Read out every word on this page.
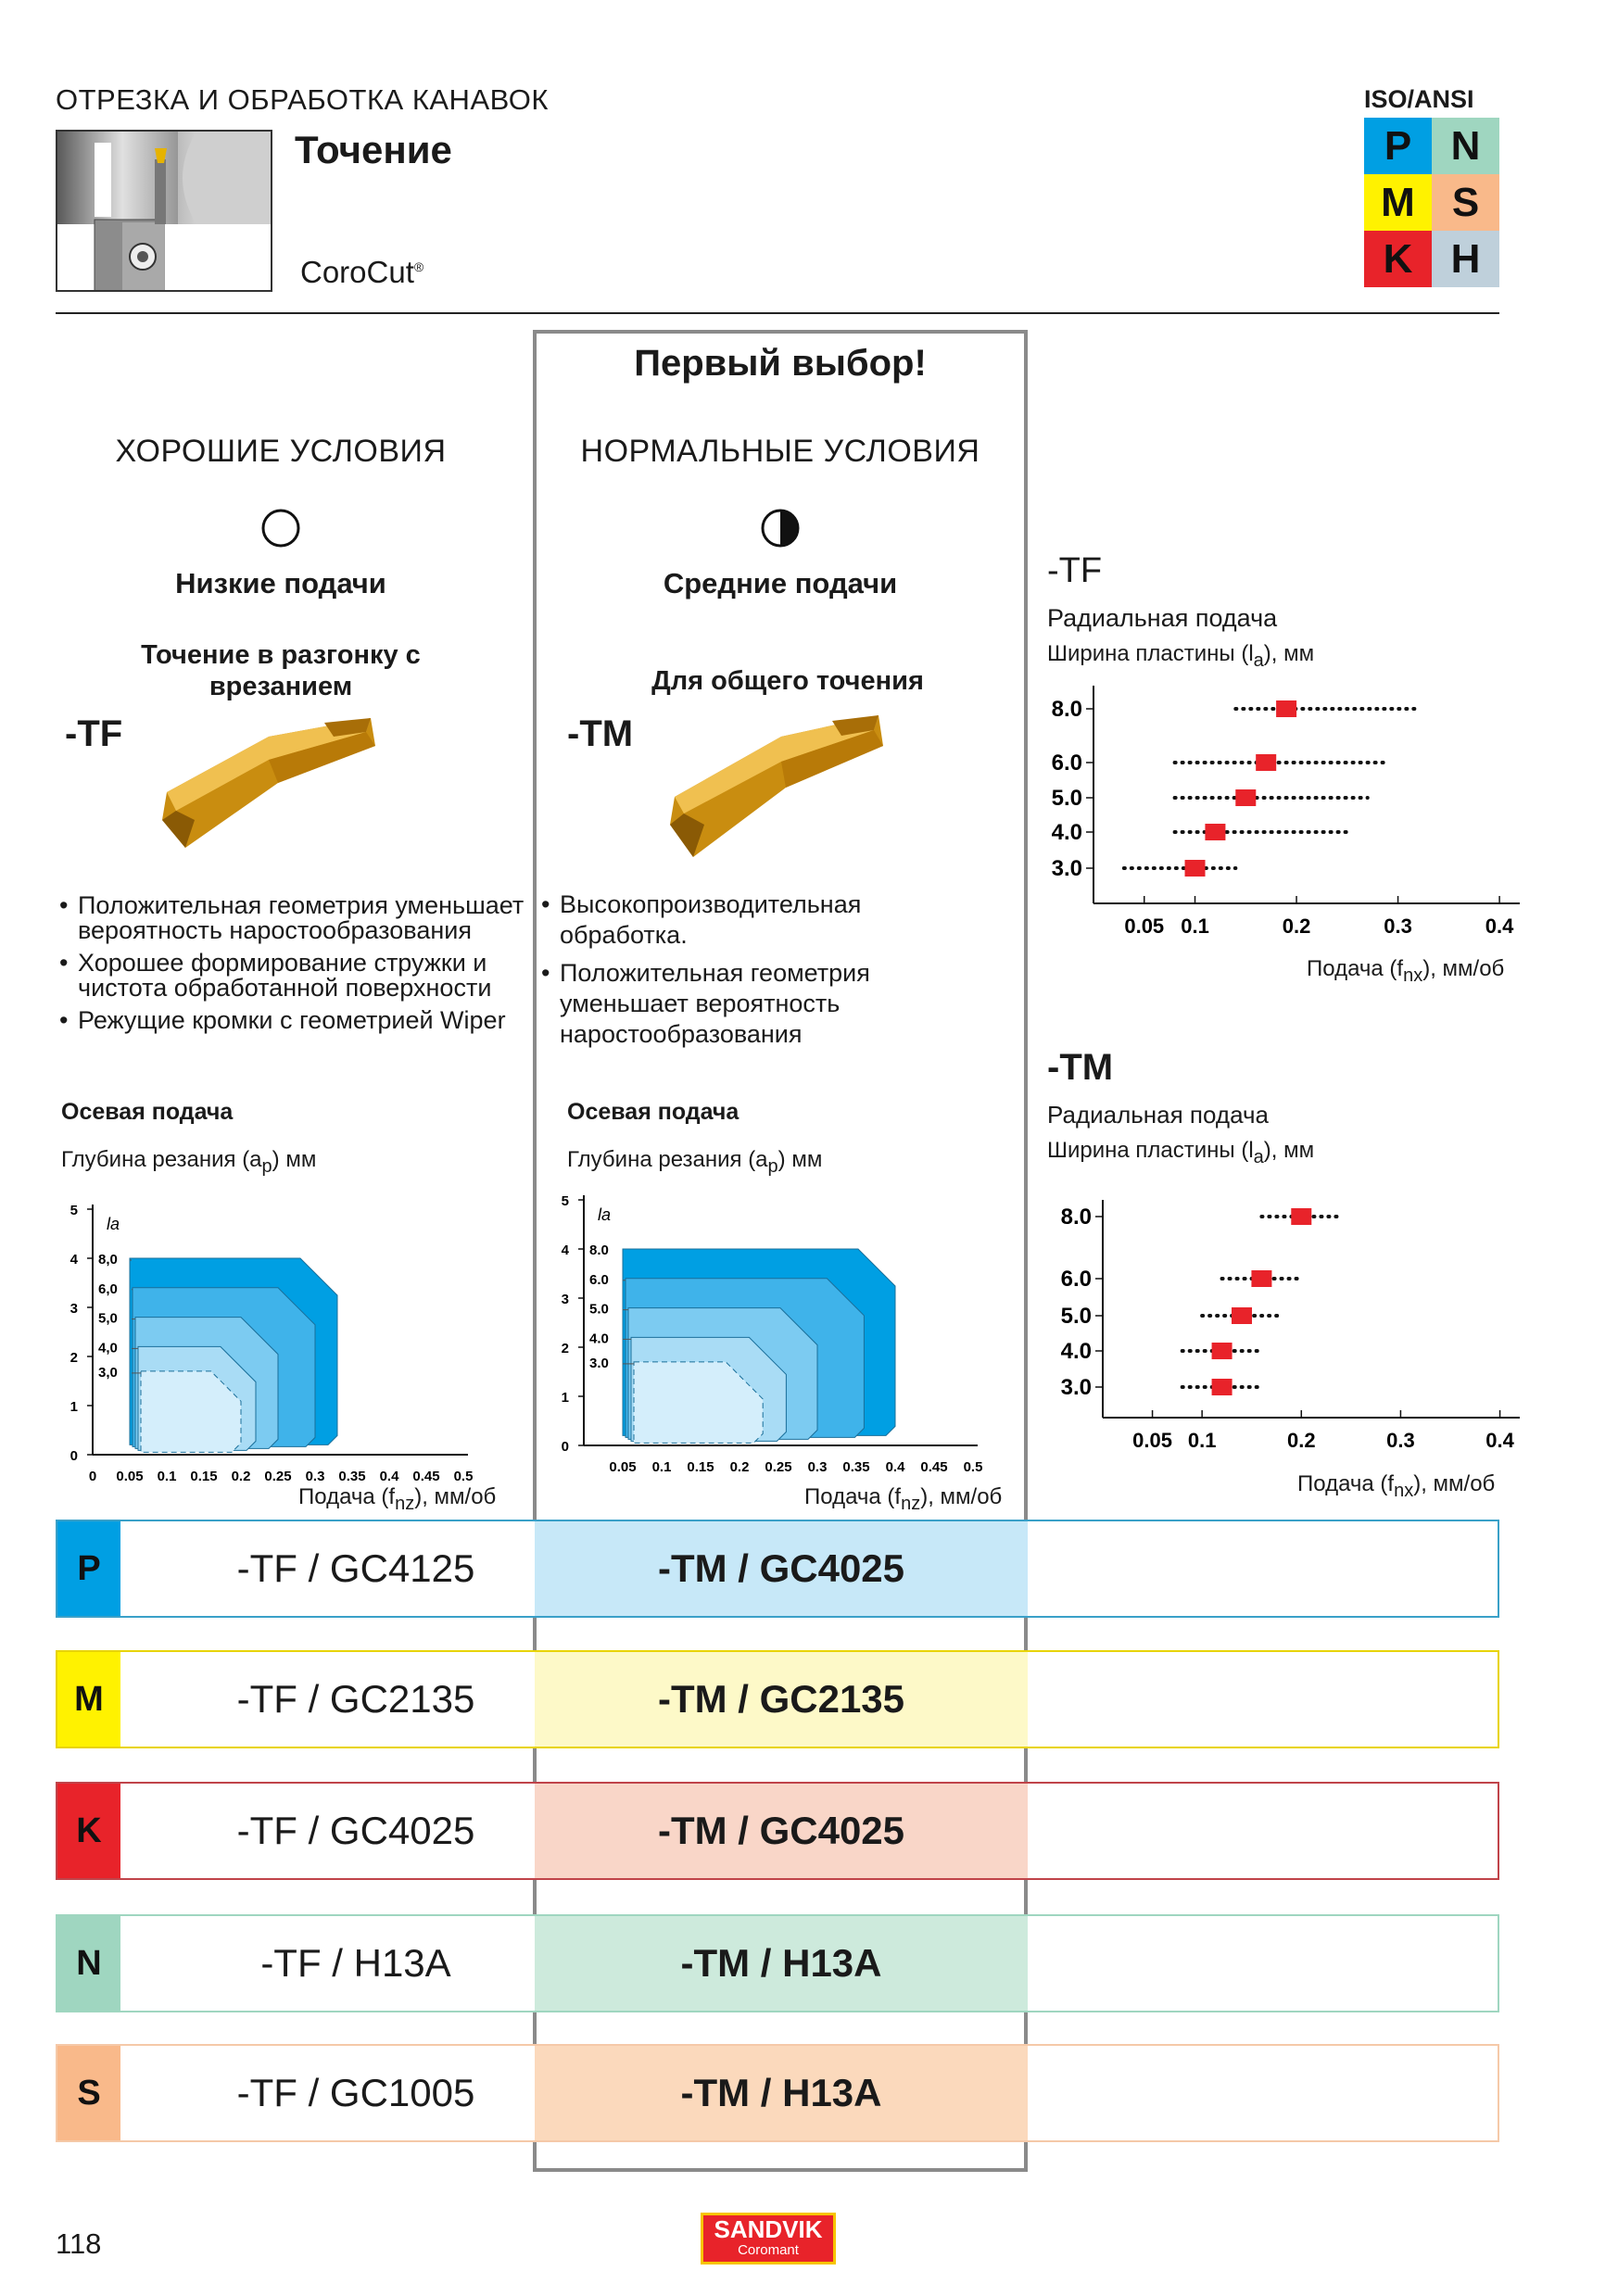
ОТРЕЗКА И ОБРАБОТКА КАНАВОК
Точение
CoroCut®
ISO/ANSI
P N
M S
K H
Первый выбор!
ХОРОШИЕ УСЛОВИЯ
Низкие подачи
Точение в разгонку с врезанием
-TF
• Положительная геометрия уменьшает вероятность наростообразования
• Хорошее формирование стружки и чистота обработанной поверхности
• Режущие кромки с геометрией Wiper
Осевая подача
Глубина резания $(a_p)$ мм
0
1
2
3
4
5
0 0.05 0.1 0.15 0.2 0.25 0.3 0.35 0.4 0.45 0.5
la
8,0
6,0
5,0
4,0
3,0
Подача $(f_{nz})$, мм/об
НОРМАЛЬНЫЕ УСЛОВИЯ
Средние подачи
Для общего точения
-TM
• Высокопроизводительная обработка.
• Положительная геометрия уменьшает вероятность наростообразования
Осевая подача
Глубина резания $(a_p)$ мм
0
1
2
3
4
5
0.05 0.1 0.15 0.2 0.25 0.3 0.35 0.4 0.45 0.5
la
8.0
6.0
5.0
4.0
3.0
Подача $(f_{nz})$, мм/об
-TF
Радиальная подача
Ширина пластины $(l_a)$, мм
0.05 0.1	0.2	0.3	0.4
8.0
6.0
5.0
4.0
3.0
Подача $(f_{nx})$, мм/об
-TM
Радиальная подача
Ширина пластины $(l_a)$, мм
0.05 0.1	0.2	0.3	0.4
8.0
6.0
5.0
4.0
3.0
Подача $(f_{nx})$, мм/об
P	-TF / GC4125	-TM / GC4025
M	-TF / GC2135	-TM / GC2135
K	-TF / GC4025	-TM / GC4025
N	-TF / H13A	-TM / H13A
S	-TF / GC1005	-TM / H13A
118	SANDVIK
Coromant
